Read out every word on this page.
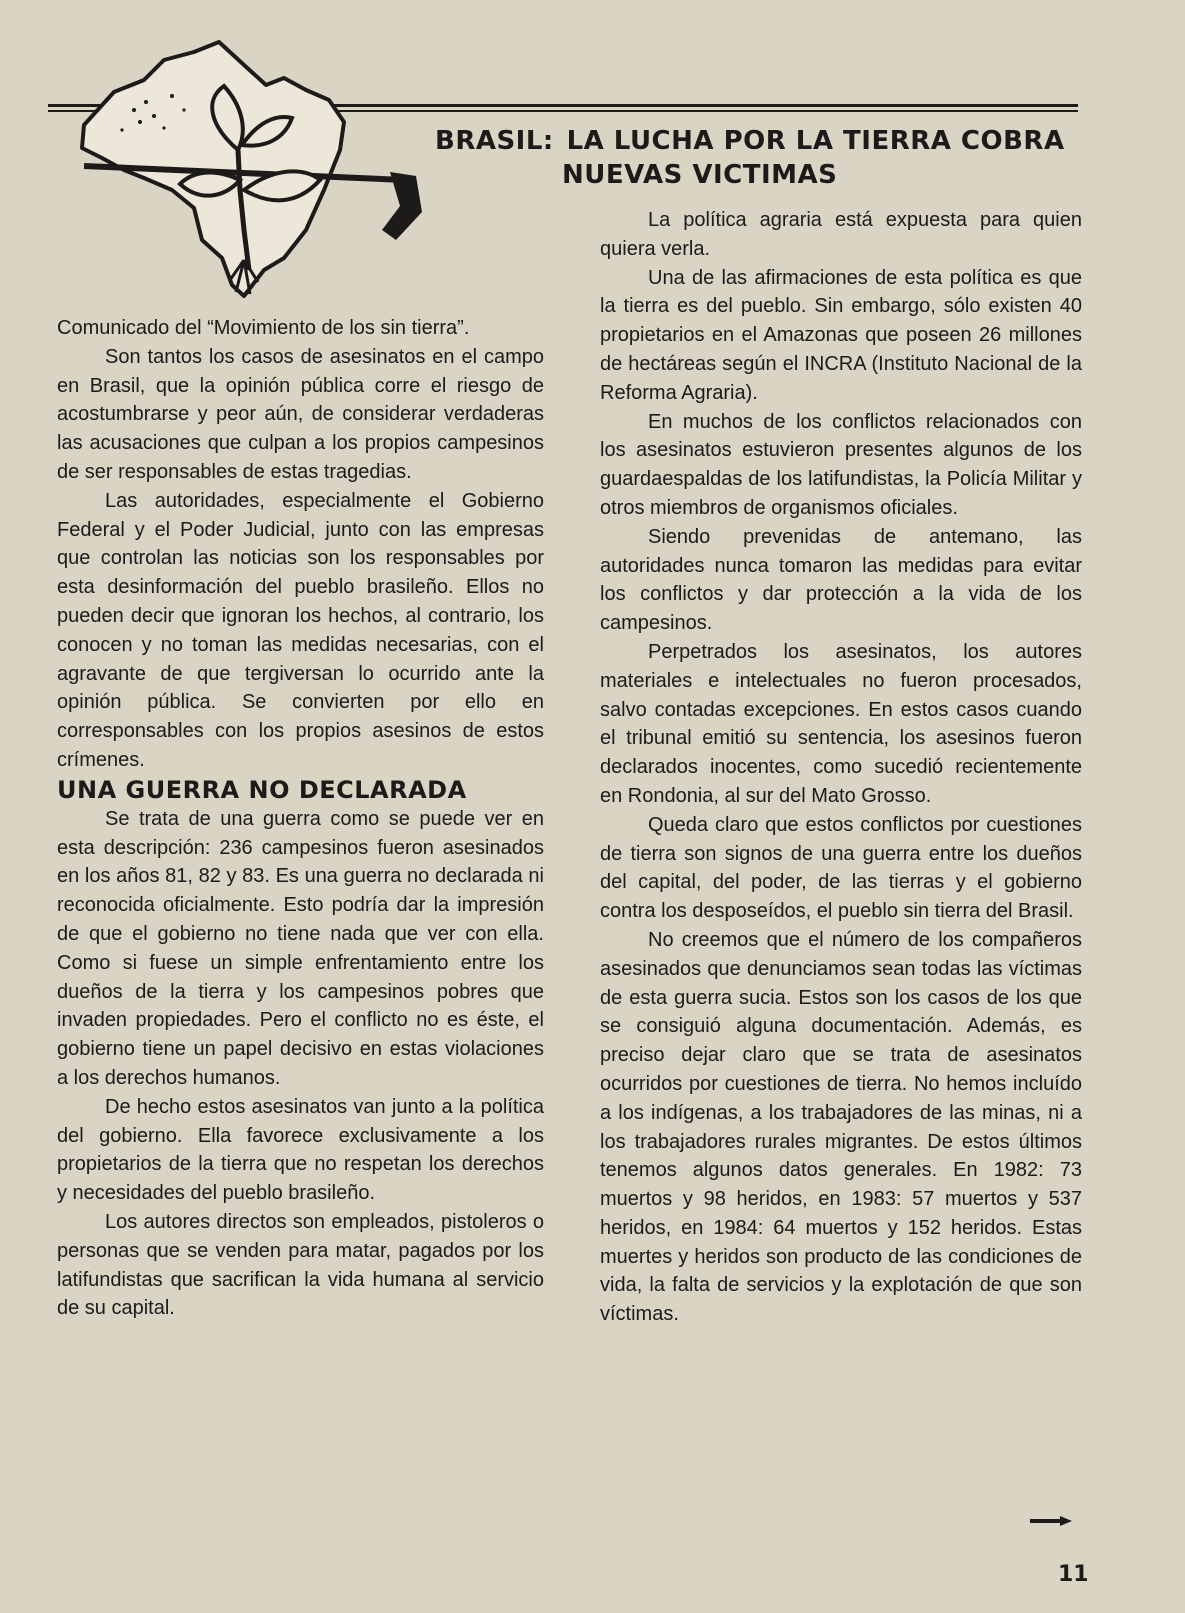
BRASIL: LA LUCHA POR LA TIERRA COBRA
NUEVAS VICTIMAS

Comunicado del “Movimiento de los sin tierra”.

Son tantos los casos de asesinatos en el campo en Brasil, que la opinión pública corre el riesgo de acostumbrarse y peor aún, de considerar verdaderas las acusaciones que culpan a los propios campesinos de ser responsables de estas tragedias.

Las autoridades, especialmente el Gobierno Federal y el Poder Judicial, junto con las empresas que controlan las noticias son los responsables por esta desinformación del pueblo brasileño. Ellos no pueden decir que ignoran los hechos, al contrario, los conocen y no toman las medidas necesarias, con el agravante de que tergiversan lo ocurrido ante la opinión pública. Se convierten por ello en corresponsables con los propios asesinos de estos crímenes.

UNA GUERRA NO DECLARADA

Se trata de una guerra como se puede ver en esta descripción: 236 campesinos fueron asesinados en los años 81, 82 y 83. Es una guerra no declarada ni reconocida oficialmente. Esto podría dar la impresión de que el gobierno no tiene nada que ver con ella. Como si fuese un simple enfrentamiento entre los dueños de la tierra y los campesinos pobres que invaden propiedades. Pero el conflicto no es éste, el gobierno tiene un papel decisivo en estas violaciones a los derechos humanos.

De hecho estos asesinatos van junto a la política del gobierno. Ella favorece exclusivamente a los propietarios de la tierra que no respetan los derechos y necesidades del pueblo brasileño.

Los autores directos son empleados, pistoleros o personas que se venden para matar, pagados por los latifundistas que sacrifican la vida humana al servicio de su capital.

La política agraria está expuesta para quien quiera verla.

Una de las afirmaciones de esta política es que la tierra es del pueblo. Sin embargo, sólo existen 40 propietarios en el Amazonas que poseen 26 millones de hectáreas según el INCRA (Instituto Nacional de la Reforma Agraria).

En muchos de los conflictos relacionados con los asesinatos estuvieron presentes algunos de los guardaespaldas de los latifundistas, la Policía Militar y otros miembros de organismos oficiales.

Siendo prevenidas de antemano, las autoridades nunca tomaron las medidas para evitar los conflictos y dar protección a la vida de los campesinos.

Perpetrados los asesinatos, los autores materiales e intelectuales no fueron procesados, salvo contadas excepciones. En estos casos cuando el tribunal emitió su sentencia, los asesinos fueron declarados inocentes, como sucedió recientemente en Rondonia, al sur del Mato Grosso.

Queda claro que estos conflictos por cuestiones de tierra son signos de una guerra entre los dueños del capital, del poder, de las tierras y el gobierno contra los desposeídos, el pueblo sin tierra del Brasil.

No creemos que el número de los compañeros asesinados que denunciamos sean todas las víctimas de esta guerra sucia. Estos son los casos de los que se consiguió alguna documentación. Además, es preciso dejar claro que se trata de asesinatos ocurridos por cuestiones de tierra. No hemos incluído a los indígenas, a los trabajadores de las minas, ni a los trabajadores rurales migrantes. De estos últimos tenemos algunos datos generales. En 1982: 73 muertos y 98 heridos, en 1983: 57 muertos y 537 heridos, en 1984: 64 muertos y 152 heridos. Estas muertes y heridos son producto de las condiciones de vida, la falta de servicios y la explotación de que son víctimas.

11
